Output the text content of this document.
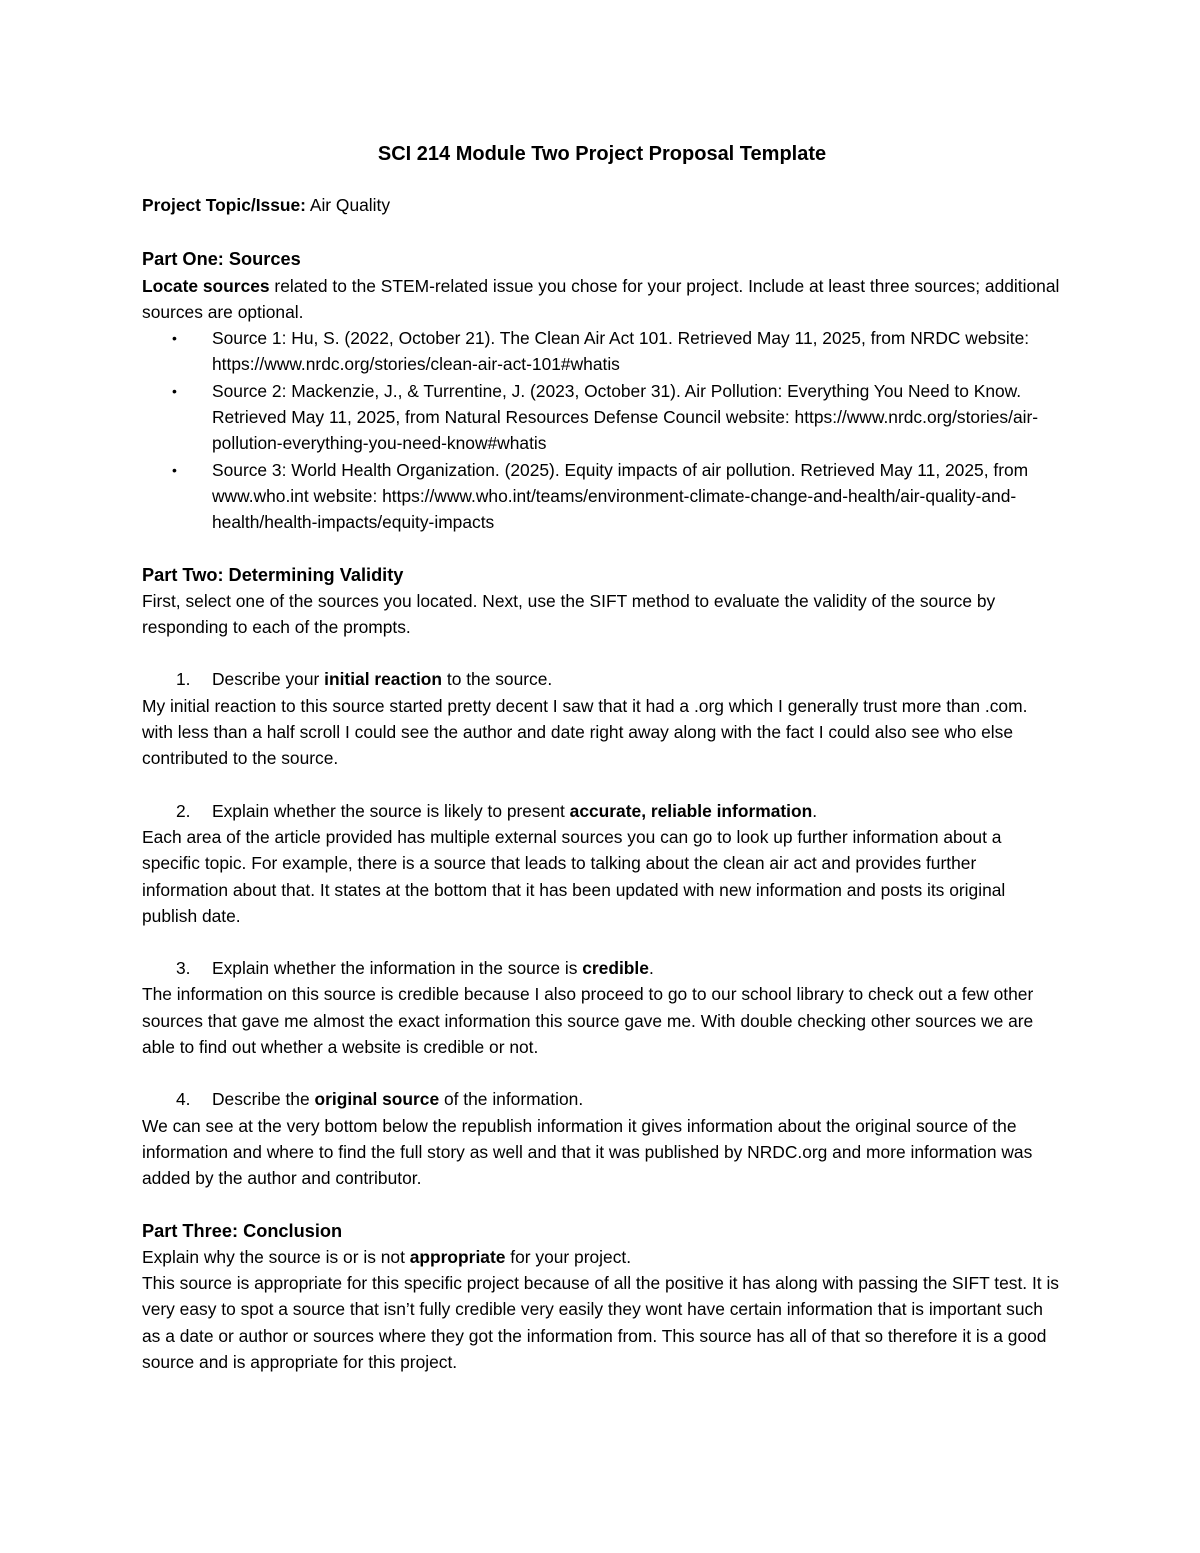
SCI 214 Module Two Project Proposal Template

Project Topic/Issue: Air Quality

Part One: Sources

Locate sources related to the STEM-related issue you chose for your project. Include at least three sources; additional sources are optional.

• Source 1: Hu, S. (2022, October 21). The Clean Air Act 101. Retrieved May 11, 2025, from NRDC website: https://www.nrdc.org/stories/clean-air-act-101#whatis
• Source 2: Mackenzie, J., & Turrentine, J. (2023, October 31). Air Pollution: Everything You Need to Know. Retrieved May 11, 2025, from Natural Resources Defense Council website: https://www.nrdc.org/stories/air-pollution-everything-you-need-know#whatis
• Source 3: World Health Organization. (2025). Equity impacts of air pollution. Retrieved May 11, 2025, from www.who.int website: https://www.who.int/teams/environment-climate-change-and-health/air-quality-and-health/health-impacts/equity-impacts

Part Two: Determining Validity

First, select one of the sources you located. Next, use the SIFT method to evaluate the validity of the source by responding to each of the prompts.

1. Describe your initial reaction to the source.

My initial reaction to this source started pretty decent I saw that it had a .org which I generally trust more than .com. with less than a half scroll I could see the author and date right away along with the fact I could also see who else contributed to the source.

2. Explain whether the source is likely to present accurate, reliable information.

Each area of the article provided has multiple external sources you can go to look up further information about a specific topic. For example, there is a source that leads to talking about the clean air act and provides further information about that. It states at the bottom that it has been updated with new information and posts its original publish date.

3. Explain whether the information in the source is credible.

The information on this source is credible because I also proceed to go to our school library to check out a few other sources that gave me almost the exact information this source gave me. With double checking other sources we are able to find out whether a website is credible or not.

4. Describe the original source of the information.

We can see at the very bottom below the republish information it gives information about the original source of the information and where to find the full story as well and that it was published by NRDC.org and more information was added by the author and contributor.

Part Three: Conclusion

Explain why the source is or is not appropriate for your project.

This source is appropriate for this specific project because of all the positive it has along with passing the SIFT test. It is very easy to spot a source that isn’t fully credible very easily they wont have certain information that is important such as a date or author or sources where they got the information from. This source has all of that so therefore it is a good source and is appropriate for this project.
